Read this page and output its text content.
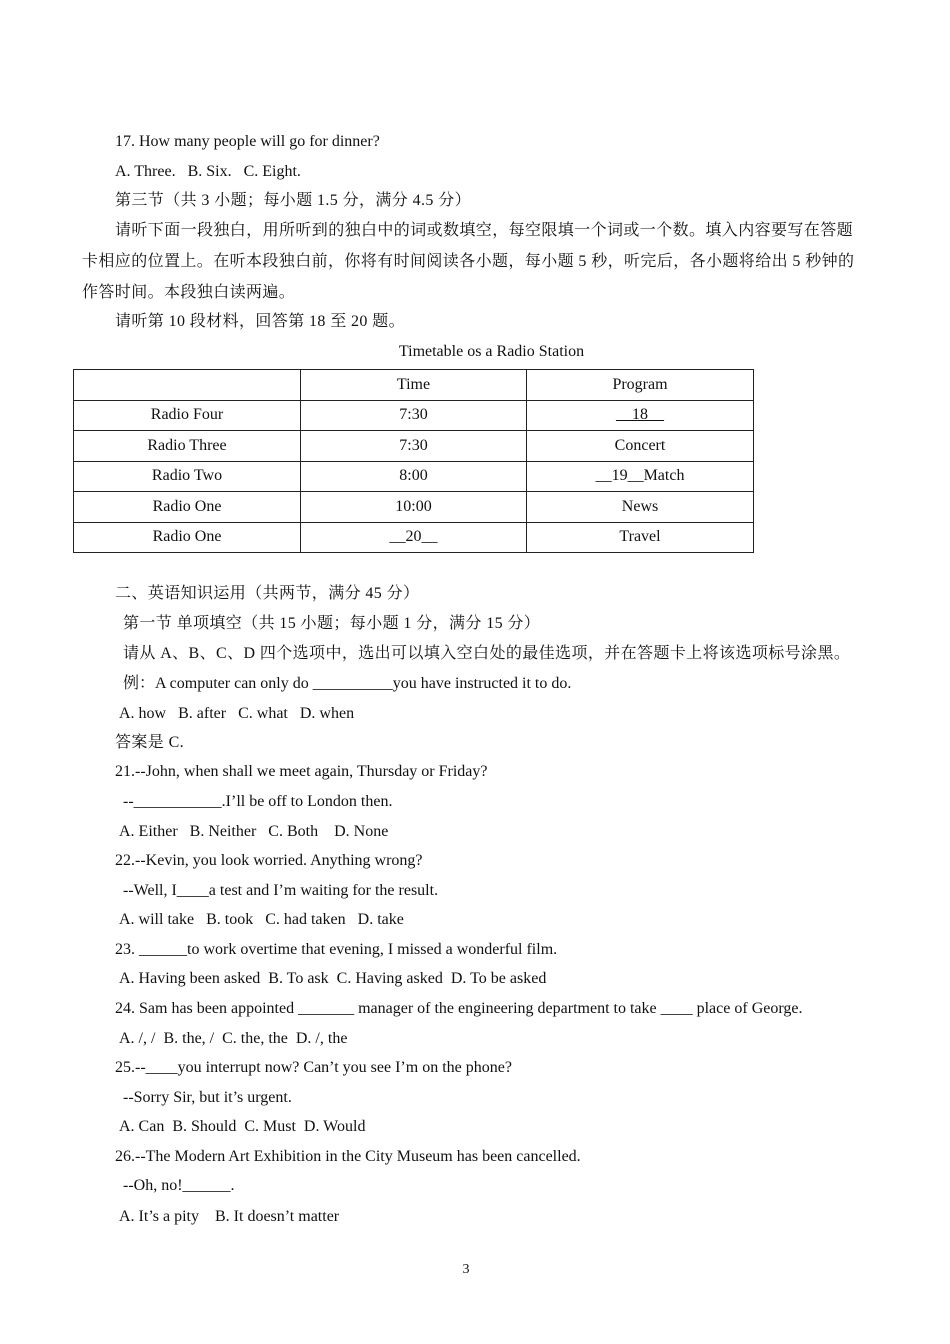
17. How many people will go for dinner?
A. Three.   B. Six.   C. Eight.
第三节（共 3 小题；每小题 1.5 分，满分 4.5 分）
请听下面一段独白，用所听到的独白中的词或数填空，每空限填一个词或一个数。填入内容要写在答题
卡相应的位置上。在听本段独白前，你将有时间阅读各小题，每小题 5 秒，听完后，各小题将给出 5 秒钟的
作答时间。本段独白读两遍。
请听第 10 段材料，回答第 18 至 20 题。
Timetable os a Radio Station
	Time	Program
Radio Four	7:30	__18__
Radio Three	7:30	Concert
Radio Two	8:00	__19__Match
Radio One	10:00	News
Radio One	__20__	Travel
二、英语知识运用（共两节，满分 45 分）
第一节 单项填空（共 15 小题；每小题 1 分，满分 15 分）
请从 A、B、C、D 四个选项中，选出可以填入空白处的最佳选项，并在答题卡上将该选项标号涂黑。
例：A computer can only do __________you have instructed it to do.
A. how   B. after   C. what   D. when
答案是 C.
21.--John, when shall we meet again, Thursday or Friday?
--___________.I’ll be off to London then.
A. Either   B. Neither   C. Both    D. None
22.--Kevin, you look worried. Anything wrong?
--Well, I____a test and I’m waiting for the result.
A. will take   B. took   C. had taken   D. take
23. ______to work overtime that evening, I missed a wonderful film.
A. Having been asked  B. To ask  C. Having asked  D. To be asked
24. Sam has been appointed _______ manager of the engineering department to take ____ place of George.
A. /, /  B. the, /  C. the, the  D. /, the
25.--____you interrupt now? Can’t you see I’m on the phone?
--Sorry Sir, but it’s urgent.
A. Can  B. Should  C. Must  D. Would
26.--The Modern Art Exhibition in the City Museum has been cancelled.
--Oh, no!______.
A. It’s a pity    B. It doesn’t matter
3
